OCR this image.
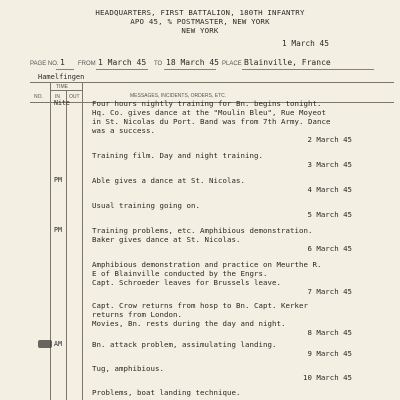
HEADQUARTERS, FIRST BATTALION, 180TH INFANTRY
APO 45, % POSTMASTER, NEW YORK
NEW YORK
1 March 45
PAGE NO. 1 FROM 1 March 45 TO 18 March 45 PLACE Blainville, France
Hamelfingen
NO.
TIME
IN OUT	MESSAGES, INCIDENTS, ORDERS, ETC.
Nite	Four hours nightly training for Bn. begins tonight.
Hq. Co. gives dance at the "Moulin Bleu", Rue Moyeot
in St. Nicolas du Port. Band was from 7th Army. Dance
was a success.
2 March 45
Training film. Day and night training.
3 March 45
PM	Able gives a dance at St. Nicolas.
4 March 45
Usual training going on.
5 March 45
PM	Training problems, etc. Amphibious demonstration.
Baker gives dance at St. Nicolas.
6 March 45
Amphibious demonstration and practice on Meurthe R.
E of Blainville conducted by the Engrs.
Capt. Schroeder leaves for Brussels leave.
7 March 45
Capt. Crow returns from hosp to Bn. Capt. Kerker
returns from London.
Movies, Bn. rests during the day and night.
8 March 45
AM	Bn. attack problem, assimulating landing.
9 March 45
Tug, amphibious.
10 March 45
Problems, boat landing technique.
